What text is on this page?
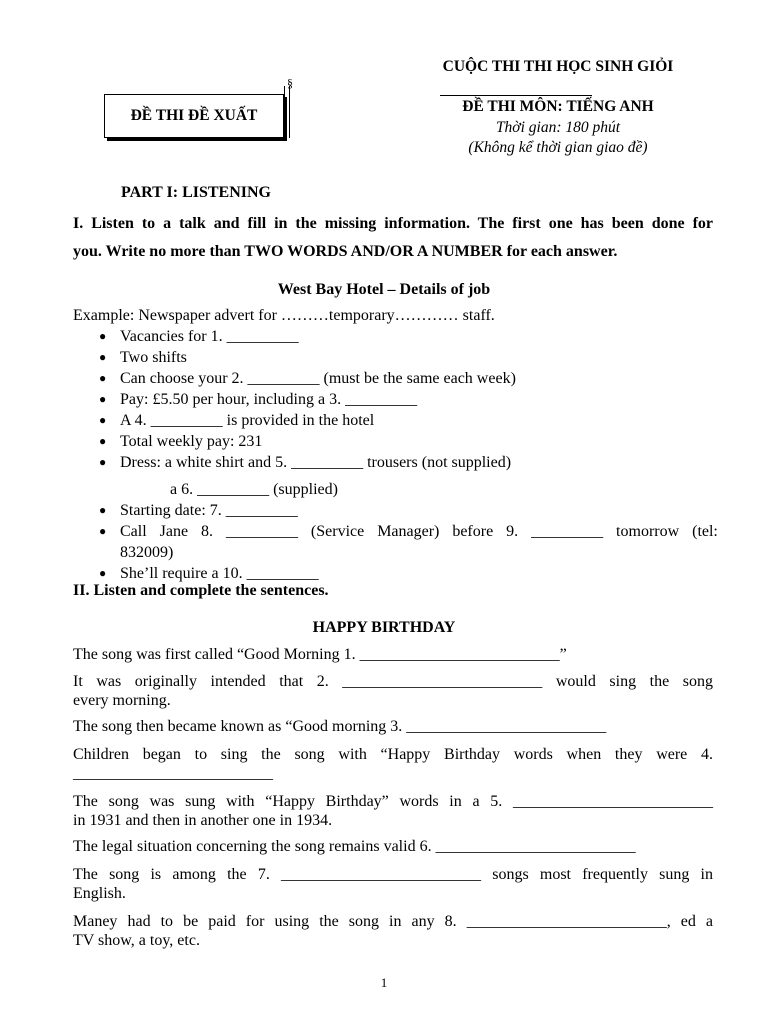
CUỘC THI THI HỌC SINH GIỎI
ĐỀ THI ĐỀ XUẤT
§
ĐỀ THI MÔN: TIẾNG ANH
Thời gian: 180 phút
(Không kể thời gian giao đề)
PART I: LISTENING
I. Listen to a talk and fill in the missing information. The first one has been done for
you. Write no more than TWO WORDS AND/OR A NUMBER for each answer.
West Bay Hotel – Details of job
Example: Newspaper advert for ………temporary………… staff.
● Vacancies for 1. _________
● Two shifts
● Can choose your 2. _________ (must be the same each week)
● Pay: £5.50 per hour, including a 3. _________
● A 4. _________ is provided in the hotel
● Total weekly pay: 231
● Dress: a white shirt and 5. _________ trousers (not supplied)
a 6. _________ (supplied)
● Starting date: 7. _________
● Call Jane 8. _________ (Service Manager) before 9. _________ tomorrow (tel:
832009)
● She’ll require a 10. _________
II. Listen and complete the sentences.
HAPPY BIRTHDAY
The song was first called “Good Morning 1. _________________________”
It was originally intended that 2. _________________________ would sing the song
every morning.
The song then became known as “Good morning 3. _________________________
Children began to sing the song with “Happy Birthday words when they were 4.
_________________________
The song was sung with “Happy Birthday” words in a 5. _________________________
in 1931 and then in another one in 1934.
The legal situation concerning the song remains valid 6. _________________________
The song is among the 7. _________________________ songs most frequently sung in
English.
Maney had to be paid for using the song in any 8. _________________________, ed a
TV show, a toy, etc.
1
